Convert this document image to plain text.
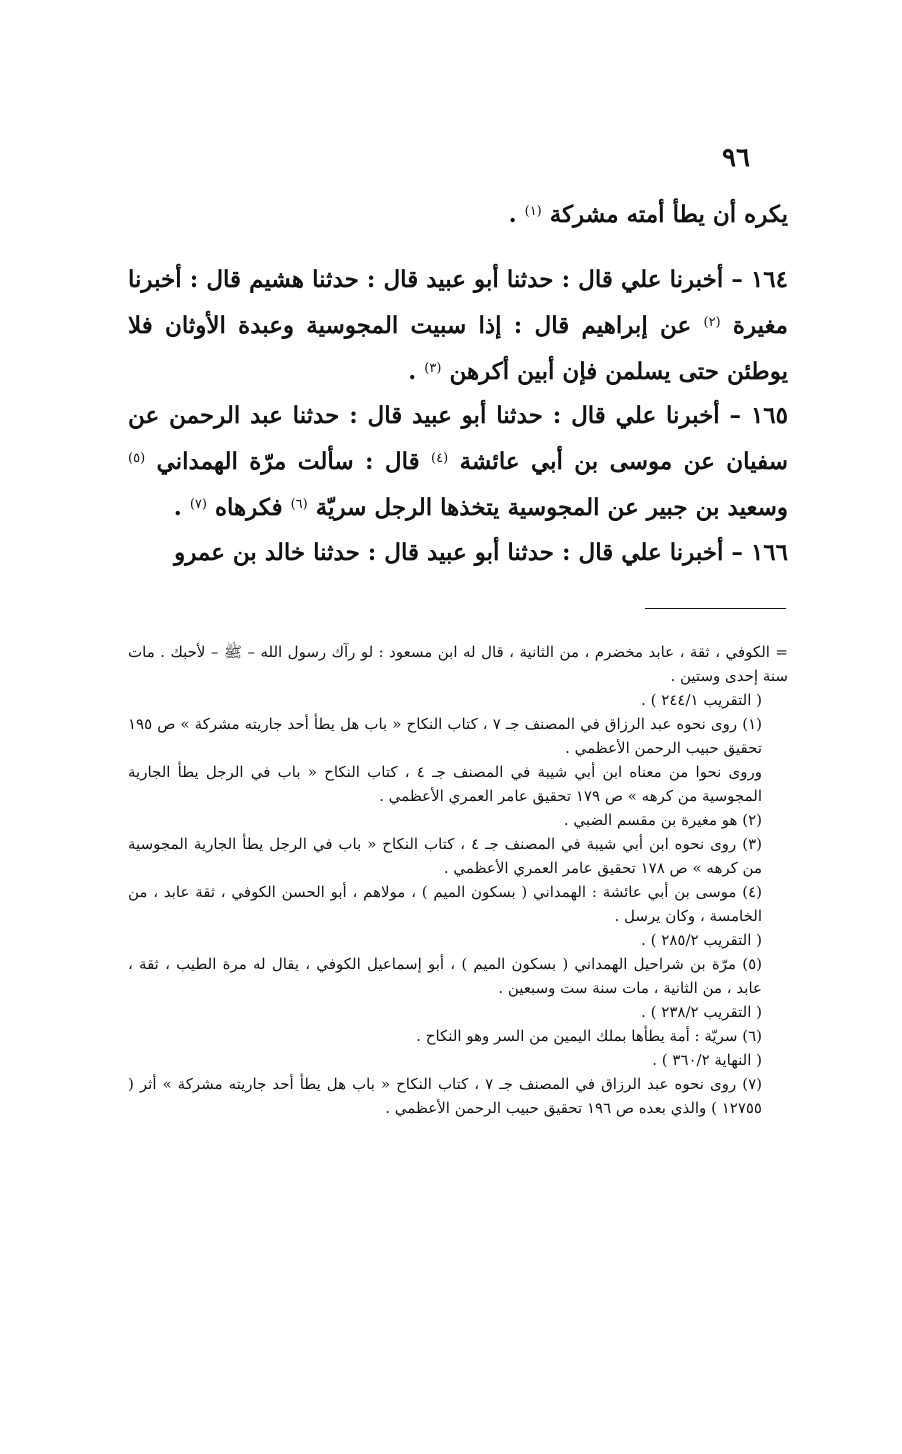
٩٦

يكره أن يطأ أمته مشركة $^{(١)}$ .

١٦٤ – أخبرنا علي قال : حدثنا أبو عبيد قال : حدثنا هشيم قال : أخبرنا مغيرة $^{(٢)}$ عن إبراهيم قال : إذا سبيت المجوسية وعبدة الأوثان فلا يوطئن حتى يسلمن فإن أبين أكرهن $^{(٣)}$ .

١٦٥ – أخبرنا علي قال : حدثنا أبو عبيد قال : حدثنا عبد الرحمن عن سفيان عن موسى بن أبي عائشة $^{(٤)}$ قال : سألت مرّة الهمداني $^{(٥)}$ وسعيد بن جبير عن المجوسية يتخذها الرجل سريّة $^{(٦)}$ فكرهاه $^{(٧)}$ .

١٦٦ – أخبرنا علي قال : حدثنا أبو عبيد قال : حدثنا خالد بن عمرو

= الكوفي ، ثقة ، عابد مخضرم ، من الثانية ، قال له ابن مسعود : لو رآك رسول الله – ﷺ – لأحبك . مات سنة إحدى وستين .

( التقريب ٢٤٤/١ ) .

(١) روى نحوه عبد الرزاق في المصنف جـ ٧ ، كتاب النكاح « باب هل يطأ أحد جاريته مشركة » ص ١٩٥ تحقيق حبيب الرحمن الأعظمي .

وروى نحوا من معناه ابن أبي شيبة في المصنف جـ ٤ ، كتاب النكاح « باب في الرجل يطأ الجارية المجوسية من كرهه » ص ١٧٩ تحقيق عامر العمري الأعظمي .

(٢) هو مغيرة بن مقسم الضبي .

(٣) روى نحوه ابن أبي شيبة في المصنف جـ ٤ ، كتاب النكاح « باب في الرجل يطأ الجارية المجوسية من كرهه » ص ١٧٨ تحقيق عامر العمري الأعظمي .

(٤) موسى بن أبي عائشة : الهمداني ( بسكون الميم ) ، مولاهم ، أبو الحسن الكوفي ، ثقة عابد ، من الخامسة ، وكان يرسل .

( التقريب ٢٨٥/٢ ) .

(٥) مرّة بن شراحيل الهمداني ( بسكون الميم ) ، أبو إسماعيل الكوفي ، يقال له مرة الطيب ، ثقة ، عابد ، من الثانية ، مات سنة ست وسبعين .

( التقريب ٢٣٨/٢ ) .

(٦) سريّة : أمة يطأها بملك اليمين من السر وهو النكاح .

( النهاية ٣٦٠/٢ ) .

(٧) روى نحوه عبد الرزاق في المصنف جـ ٧ ، كتاب النكاح « باب هل يطأ أحد جاريته مشركة » أثر ( ١٢٧٥٥ ) والذي بعده ص ١٩٦ تحقيق حبيب الرحمن الأعظمي .
